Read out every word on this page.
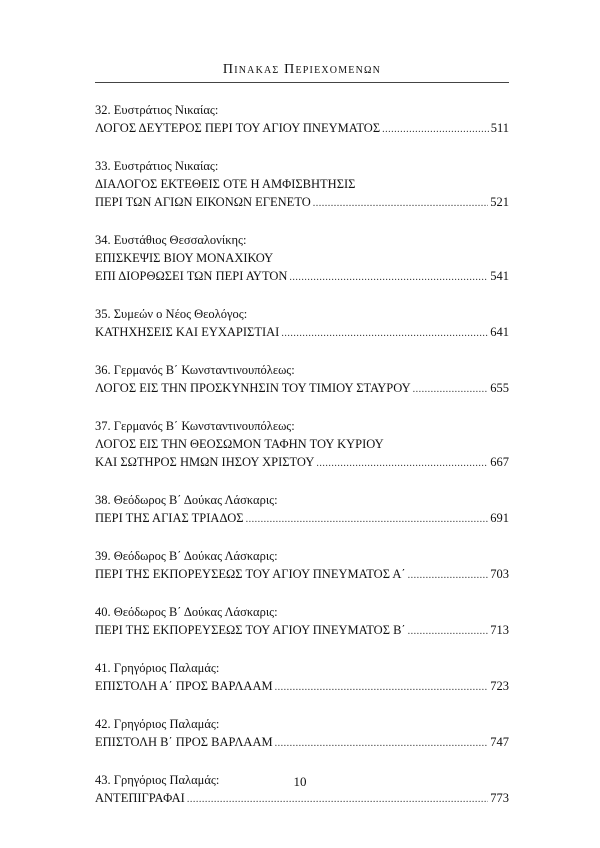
Πινακας Περιεχομενων
32. Ευστράτιος Νικαίας:
ΛΟΓΟΣ ΔΕΥΤΕΡΟΣ ΠΕΡΙ ΤΟΥ ΑΓΙΟΥ ΠΝΕΥΜΑΤΟΣ .....	511
33. Ευστράτιος Νικαίας:
ΔΙΑΛΟΓΟΣ ΕΚΤΕΘΕΙΣ ΟΤΕ Η ΑΜΦΙΣΒΗΤΗΣΙΣ
ΠΕΡΙ ΤΩΝ ΑΓΙΩΝ ΕΙΚΟΝΩΝ ΕΓΕΝΕΤΟ .....	521
34. Ευστάθιος Θεσσαλονίκης:
ΕΠΙΣΚΕΨΙΣ ΒΙΟΥ ΜΟΝΑΧΙΚΟΥ
ΕΠΙ ΔΙΟΡΘΩΣΕΙ ΤΩΝ ΠΕΡΙ ΑΥΤΟΝ .....	541
35. Συμεών ο Νέος Θεολόγος:
ΚΑΤΗΧΗΣΕΙΣ ΚΑΙ ΕΥΧΑΡΙΣΤΙΑΙ .....	641
36. Γερμανός Β΄ Κωνσταντινουπόλεως:
ΛΟΓΟΣ ΕΙΣ ΤΗΝ ΠΡΟΣΚΥΝΗΣΙΝ ΤΟΥ ΤΙΜΙΟΥ ΣΤΑΥΡΟΥ .....	655
37. Γερμανός Β΄ Κωνσταντινουπόλεως:
ΛΟΓΟΣ ΕΙΣ ΤΗΝ ΘΕΟΣΩΜΟΝ ΤΑΦΗΝ ΤΟΥ ΚΥΡΙΟΥ
ΚΑΙ ΣΩΤΗΡΟΣ ΗΜΩΝ ΙΗΣΟΥ ΧΡΙΣΤΟΥ .....	667
38. Θεόδωρος Β΄ Δούκας Λάσκαρις:
ΠΕΡΙ ΤΗΣ ΑΓΙΑΣ ΤΡΙΑΔΟΣ .....	691
39. Θεόδωρος Β΄ Δούκας Λάσκαρις:
ΠΕΡΙ ΤΗΣ ΕΚΠΟΡΕΥΣΕΩΣ ΤΟΥ ΑΓΙΟΥ ΠΝΕΥΜΑΤΟΣ Α΄ .....	703
40. Θεόδωρος Β΄ Δούκας Λάσκαρις:
ΠΕΡΙ ΤΗΣ ΕΚΠΟΡΕΥΣΕΩΣ ΤΟΥ ΑΓΙΟΥ ΠΝΕΥΜΑΤΟΣ Β΄ .....	713
41. Γρηγόριος Παλαμάς:
ΕΠΙΣΤΟΛΗ Α΄ ΠΡΟΣ ΒΑΡΛΑΑΜ .....	723
42. Γρηγόριος Παλαμάς:
ΕΠΙΣΤΟΛΗ Β΄ ΠΡΟΣ ΒΑΡΛΑΑΜ .....	747
43. Γρηγόριος Παλαμάς:
ΑΝΤΕΠΙΓΡΑΦΑΙ .....	773
10
